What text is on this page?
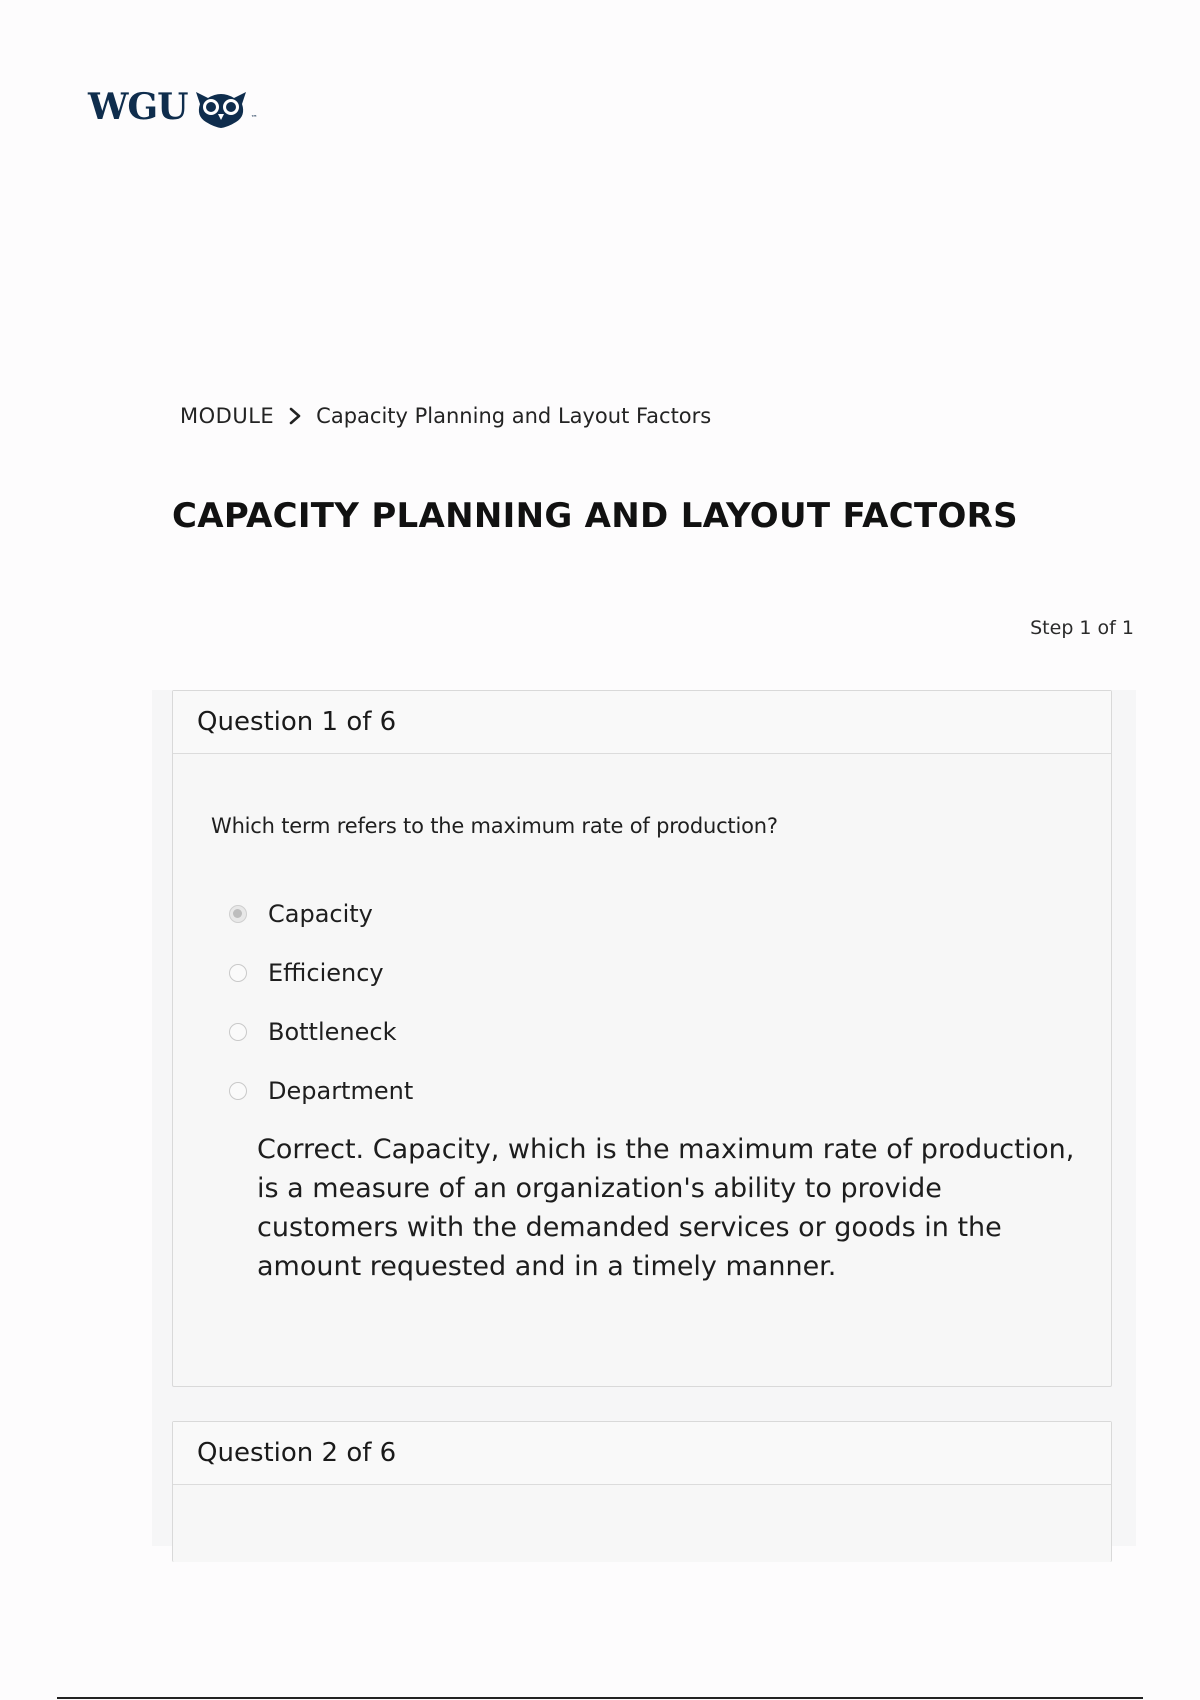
WGU	™
MODULE Capacity Planning and Layout Factors
CAPACITY PLANNING AND LAYOUT FACTORS
Step 1 of 1
Question 1 of 6
Which term refers to the maximum rate of production?
Capacity
Efficiency
Bottleneck
Department

Correct. Capacity, which is the maximum rate of production, is a measure of an organization's ability to provide customers with the demanded services or goods in the amount requested and in a timely manner.

Question 2 of 6
